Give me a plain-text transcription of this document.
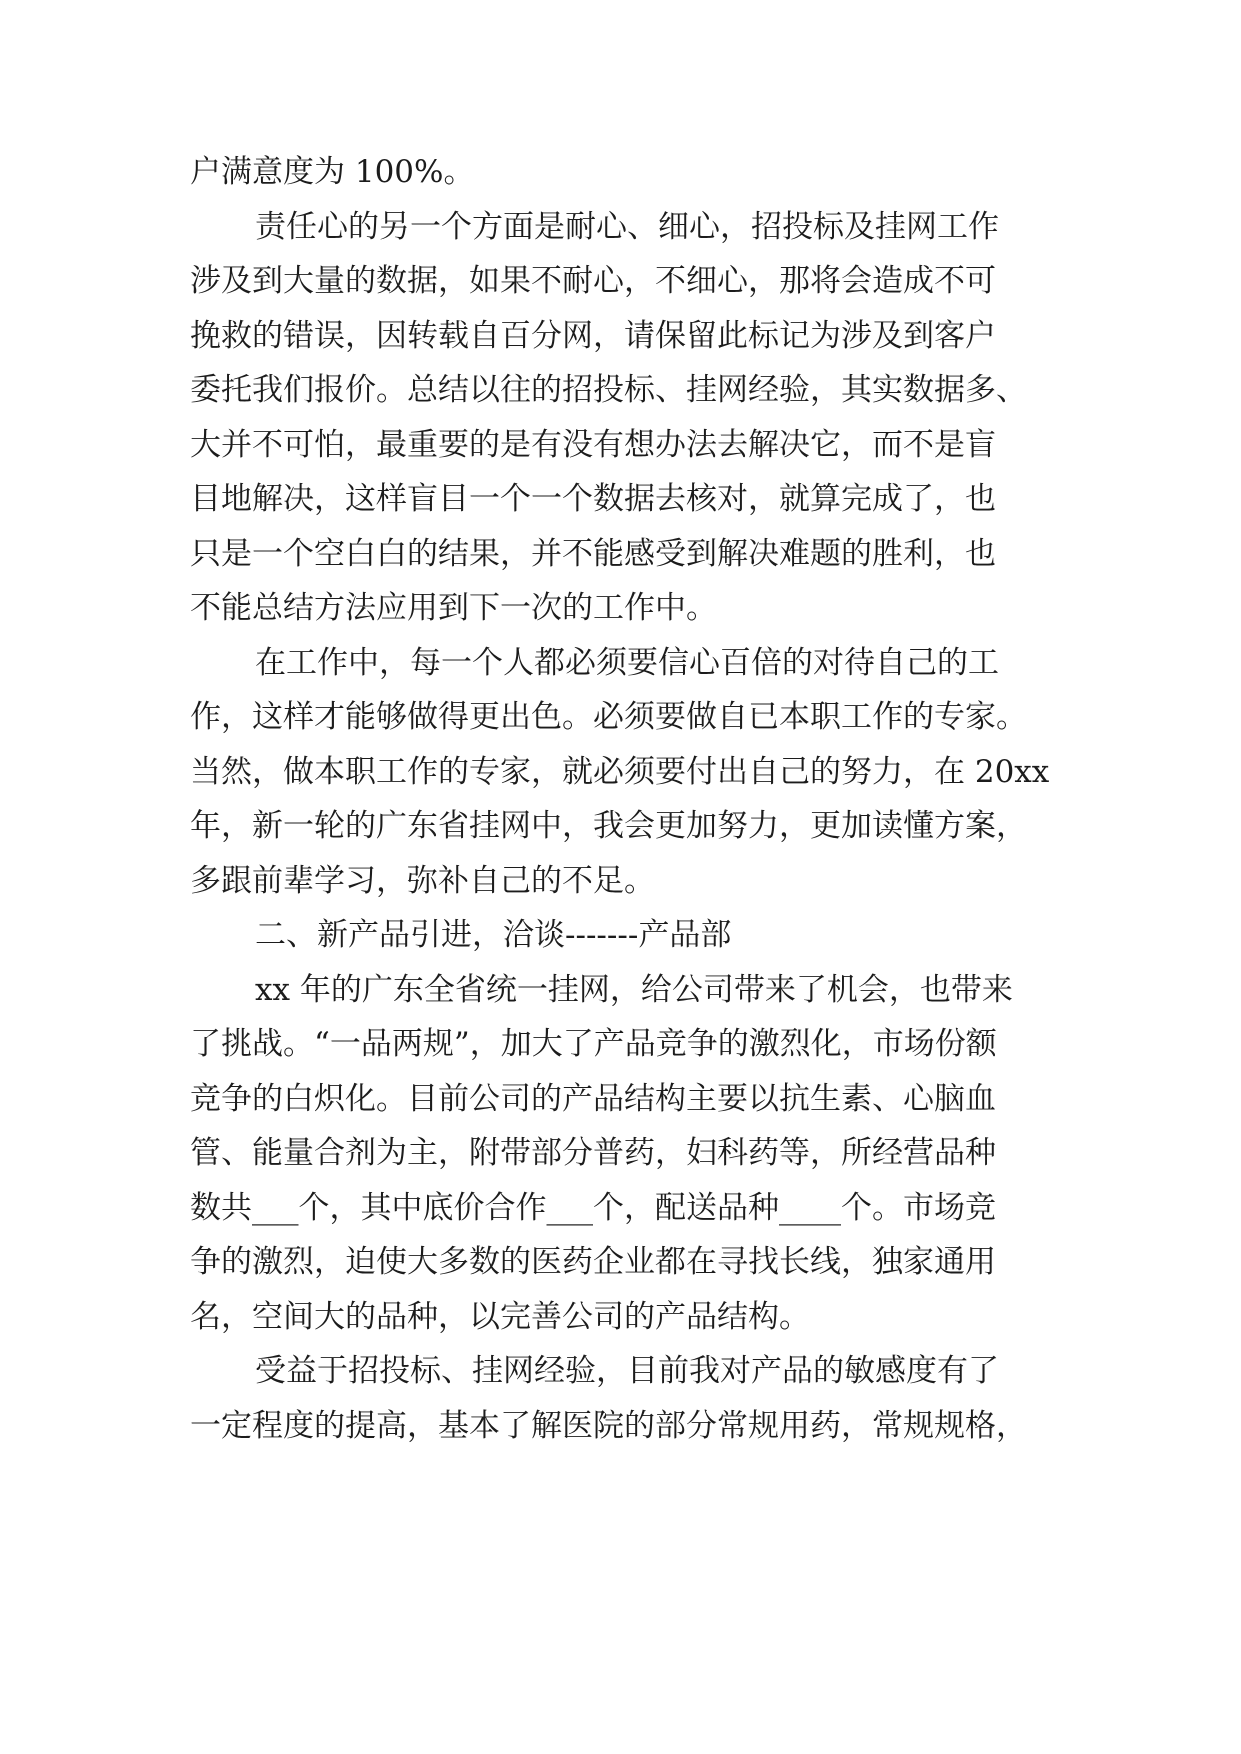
户满意度为 100%。
责任心的另一个方面是耐心、细心，招投标及挂网工作
涉及到大量的数据，如果不耐心，不细心，那将会造成不可
挽救的错误，因转载自百分网，请保留此标记为涉及到客户
委托我们报价。总结以往的招投标、挂网经验，其实数据多、
大并不可怕，最重要的是有没有想办法去解决它，而不是盲
目地解决，这样盲目一个一个数据去核对，就算完成了，也
只是一个空白白的结果，并不能感受到解决难题的胜利，也
不能总结方法应用到下一次的工作中。
在工作中，每一个人都必须要信心百倍的对待自己的工
作，这样才能够做得更出色。必须要做自已本职工作的专家。
当然，做本职工作的专家，就必须要付出自己的努力，在 20xx
年，新一轮的广东省挂网中，我会更加努力，更加读懂方案，
多跟前辈学习，弥补自己的不足。
二、新产品引进，洽谈-------产品部
xx 年的广东全省统一挂网，给公司带来了机会，也带来
了挑战。“一品两规”，加大了产品竞争的激烈化，市场份额
竞争的白炽化。目前公司的产品结构主要以抗生素、心脑血
管、能量合剂为主，附带部分普药，妇科药等，所经营品种
数共___个，其中底价合作___个，配送品种____个。市场竞
争的激烈，迫使大多数的医药企业都在寻找长线，独家通用
名，空间大的品种，以完善公司的产品结构。
受益于招投标、挂网经验，目前我对产品的敏感度有了
一定程度的提高，基本了解医院的部分常规用药，常规规格，
